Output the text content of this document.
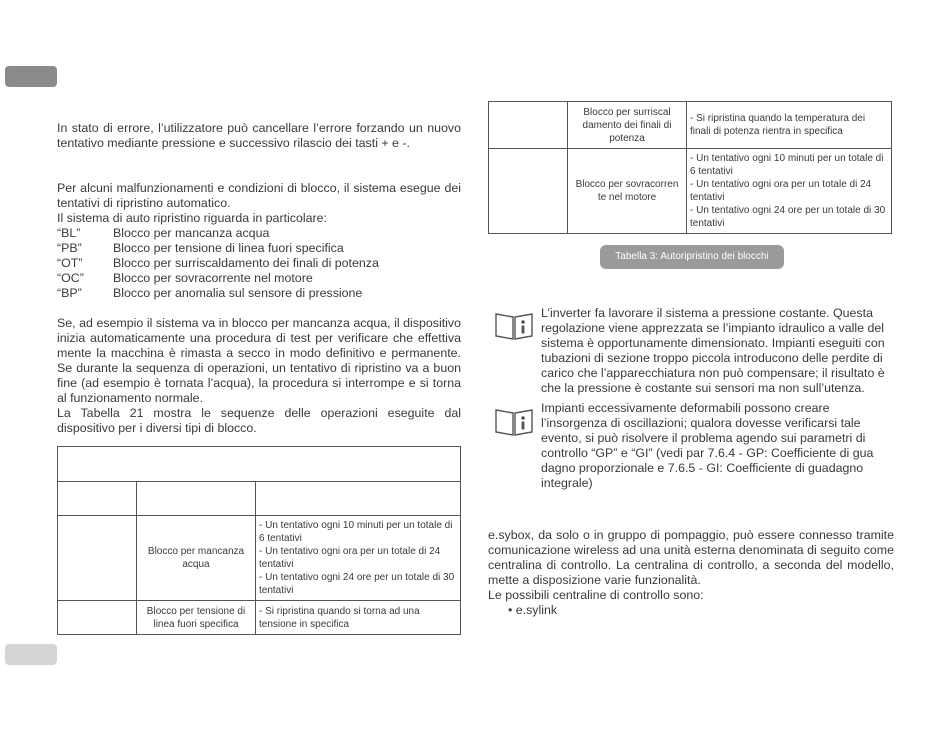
In stato di errore, l’utilizzatore può cancellare l’errore forzando un nuovo tentativo mediante pressione e successivo rilascio dei tasti + e -.

Per alcuni malfunzionamenti e condizioni di blocco, il sistema esegue dei tentativi di ripristino automatico.

Il sistema di auto ripristino riguarda in particolare:

“BL”	Blocco per mancanza acqua
“PB”	Blocco per tensione di linea fuori specifica
“OT”	Blocco per surriscaldamento dei finali di potenza
“OC”	Blocco per sovracorrente nel motore
“BP”	Blocco per anomalia sul sensore di pressione

Se, ad esempio il sistema va in blocco per mancanza acqua, il dispositivo inizia automaticamente una procedura di test per verificare che effettiva mente la macchina è rimasta a secco in modo definitivo e permanente. Se durante la sequenza di operazioni, un tentativo di ripristino va a buon fine (ad esempio è tornata l’acqua), la procedura si interrompe e si torna al funzionamento normale.

La Tabella 21 mostra le sequenze delle operazioni eseguite dal dispositivo per i diversi tipi di blocco.

	Blocco per mancanza acqua	- Un tentativo ogni 10 minuti per un totale di 6 tentativi
- Un tentativo ogni ora per un totale di 24 tentativi
- Un tentativo ogni 24 ore per un totale di 30 tentativi
	Blocco per tensione di linea fuori specifica	- Si ripristina quando si torna ad una tensione in specifica
	Blocco per surriscal damento dei finali di potenza	- Si ripristina quando la temperatura dei finali di potenza rientra in specifica
	Blocco per sovracorren te nel motore	- Un tentativo ogni 10 minuti per un totale di 6 tentativi
- Un tentativo ogni ora per un totale di 24 tentativi
- Un tentativo ogni 24 ore per un totale di 30 tentativi
Tabella 3: Autoripristino dei blocchi

L’inverter fa lavorare il sistema a pressione costante. Questa regolazione viene apprezzata se l’impianto idraulico a valle del sistema è opportunamente dimensionato. Impianti eseguiti con tubazioni di sezione troppo piccola introducono delle perdite di carico che l’apparecchiatura non può compensare; il risultato è che la pressione è costante sui sensori ma non sull’utenza.

Impianti eccessivamente deformabili possono creare l’insorgenza di oscillazioni; qualora dovesse verificarsi tale evento, si può risolvere il problema agendo sui parametri di controllo “GP” e “GI” (vedi par 7.6.4 - GP: Coefficiente di gua dagno proporzionale e 7.6.5 - GI: Coefficiente di guadagno integrale)

e.sybox, da solo o in gruppo di pompaggio, può essere connesso tramite comunicazione wireless ad una unità esterna denominata di seguito come centralina di controllo. La centralina di controllo, a seconda del modello, mette a disposizione varie funzionalità.

Le possibili centraline di controllo sono:

• e.sylink
